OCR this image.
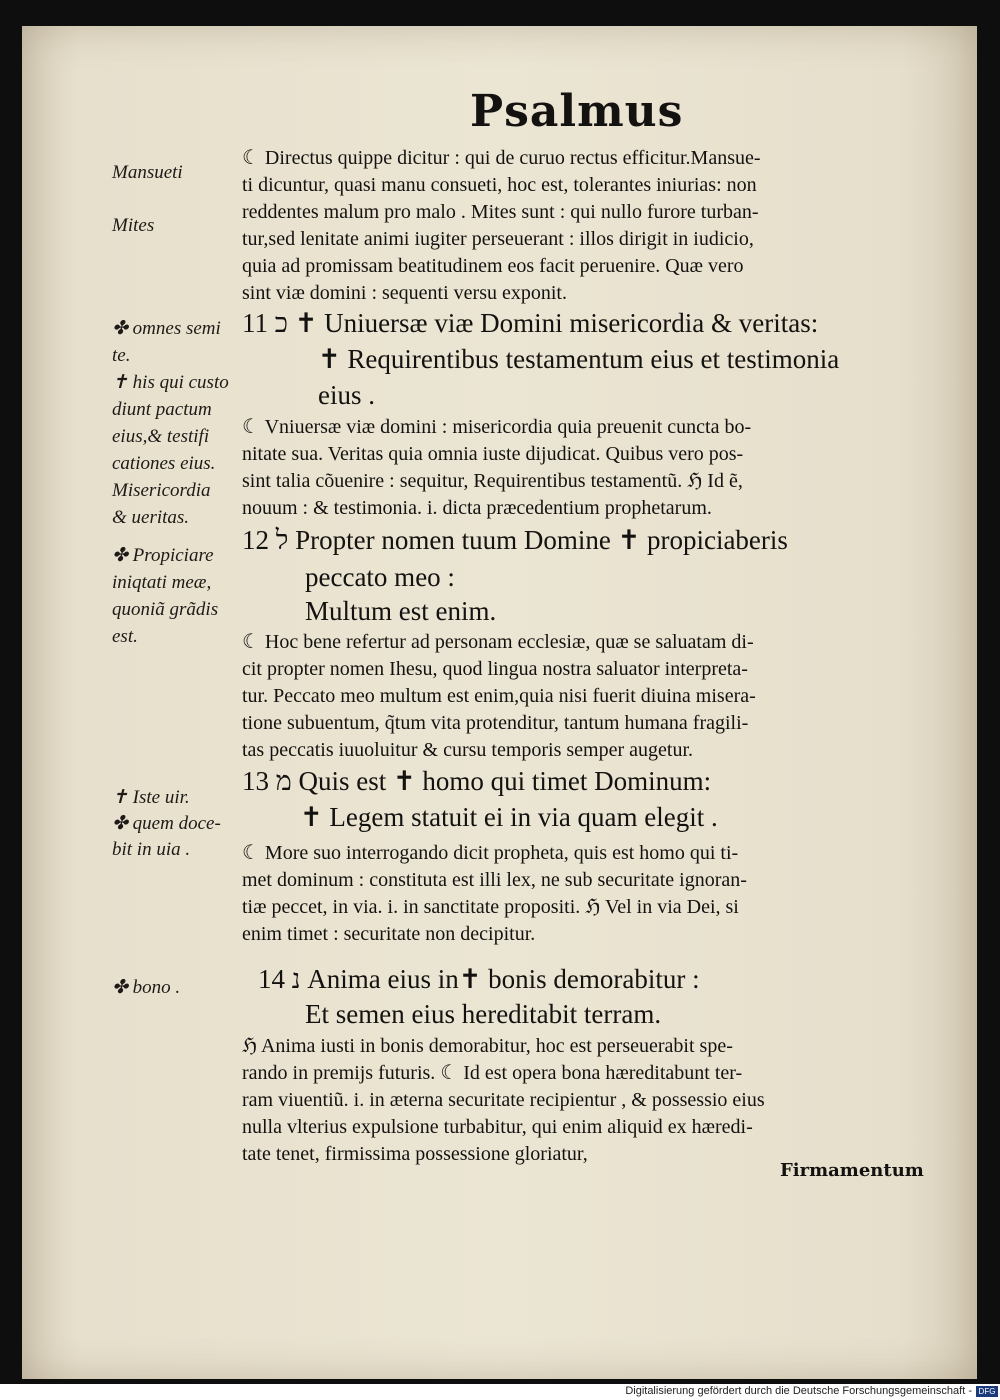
Psalmus
Mansueti
Mites
✤ omnes semi
te.
✝ his qui custo
diunt pactum
eius,& testifi
cationes eius.
Misericordia
& ueritas.
✤ Propiciare
iniqtati meæ,
quoniã grãdis
est.
✝ Iste uir.
✤ quem doce-
bit in uia .
✤ bono .
☾ Directus quippe dicitur : qui de curuo rectus efficitur.Mansue-
ti dicuntur, quasi manu consueti, hoc est, tolerantes iniurias: non
reddentes malum pro malo . Mites sunt : qui nullo furore turban-
tur,sed lenitate animi iugiter perseuerant : illos dirigit in iudicio,
quia ad promissam beatitudinem eos facit peruenire. Quæ vero
sint viæ domini : sequenti versu exponit.
11 כ ✝ Uniuersæ viæ Domini misericordia & veritas:
✝ Requirentibus testamentum eius et testimonia
eius .
☾ Vniuersæ viæ domini : misericordia quia preuenit cuncta bo-
nitate sua. Veritas quia omnia iuste dijudicat. Quibus vero pos-
sint talia cõuenire : sequitur, Requirentibus testamentũ. ℌ Id ẽ,
nouum : & testimonia. i. dicta præcedentium prophetarum.
12 ל Propter nomen tuum Domine ✝ propiciaberis
peccato meo :
Multum est enim.
☾ Hoc bene refertur ad personam ecclesiæ, quæ se saluatam di-
cit propter nomen Ihesu, quod lingua nostra saluator interpreta-
tur. Peccato meo multum est enim,quia nisi fuerit diuina misera-
tione subuentum, q̃tum vita protenditur, tantum humana fragili-
tas peccatis iuuoluitur & cursu temporis semper augetur.
13 מ Quis est ✝ homo qui timet Dominum:
✝ Legem statuit ei in via quam elegit .
☾ More suo interrogando dicit propheta, quis est homo qui ti-
met dominum : constituta est illi lex, ne sub securitate ignoran-
tiæ peccet, in via. i. in sanctitate propositi. ℌ Vel in via Dei, si
enim timet : securitate non decipitur.
14 נ Anima eius in✝ bonis demorabitur :
Et semen eius hereditabit terram.
ℌ Anima iusti in bonis demorabitur, hoc est perseuerabit spe-
rando in premijs futuris. ☾ Id est opera bona hæreditabunt ter-
ram viuentiũ. i. in æterna securitate recipientur , & possessio eius
nulla vlterius expulsione turbabitur, qui enim aliquid ex hæredi-
tate tenet, firmissima possessione gloriatur,
Firmamentum
Digitalisierung gefördert durch die Deutsche Forschungsgemeinschaft - DFG
